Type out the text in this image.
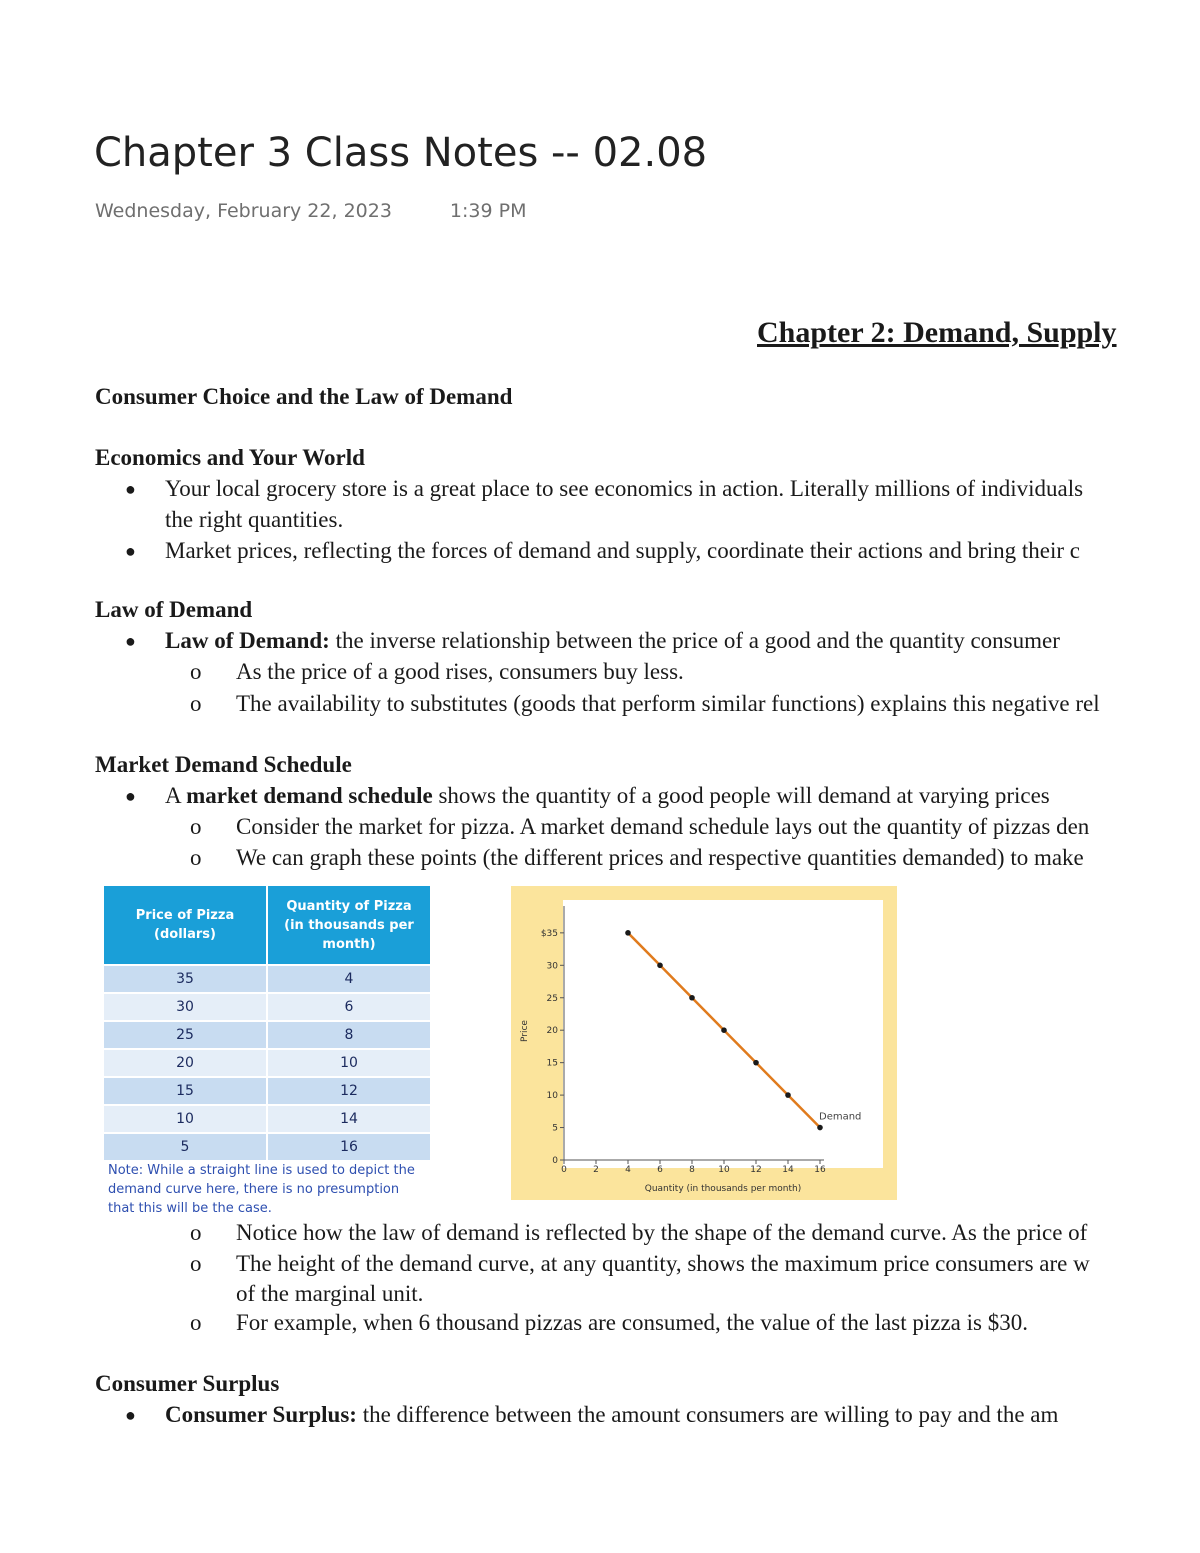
Chapter 3 Class Notes -- 02.08
Wednesday, February 22, 2023	1:39 PM
Chapter 2: Demand, Supply
Consumer Choice and the Law of Demand
Economics and Your World
● Your local grocery store is a great place to see economics in action. Literally millions of individuals
the right quantities.
● Market prices, reflecting the forces of demand and supply, coordinate their actions and bring their c
Law of Demand
● Law of Demand: the inverse relationship between the price of a good and the quantity consumer
o As the price of a good rises, consumers buy less.
o The availability to substitutes (goods that perform similar functions) explains this negative rel
Market Demand Schedule
● A market demand schedule shows the quantity of a good people will demand at varying prices
o Consider the market for pizza. A market demand schedule lays out the quantity of pizzas den
o We can graph these points (the different prices and respective quantities demanded) to make
Price of Pizza
(dollars)	Quantity of Pizza
(in thousands per
month)
35	4
30	6
25	8
20	10
15	12
10	14
5	16
Note: While a straight line is used to depict the demand curve here, there is no presumption that this will be the case.
0
5
10
15
20
25
30
$35
0	2	4	6	8	10 12 14 16
Quantity (in thousands per month)
Price
Demand
o Notice how the law of demand is reflected by the shape of the demand curve. As the price of
o The height of the demand curve, at any quantity, shows the maximum price consumers are w
of the marginal unit.
o For example, when 6 thousand pizzas are consumed, the value of the last pizza is $30.
Consumer Surplus
● Consumer Surplus: the difference between the amount consumers are willing to pay and the am
